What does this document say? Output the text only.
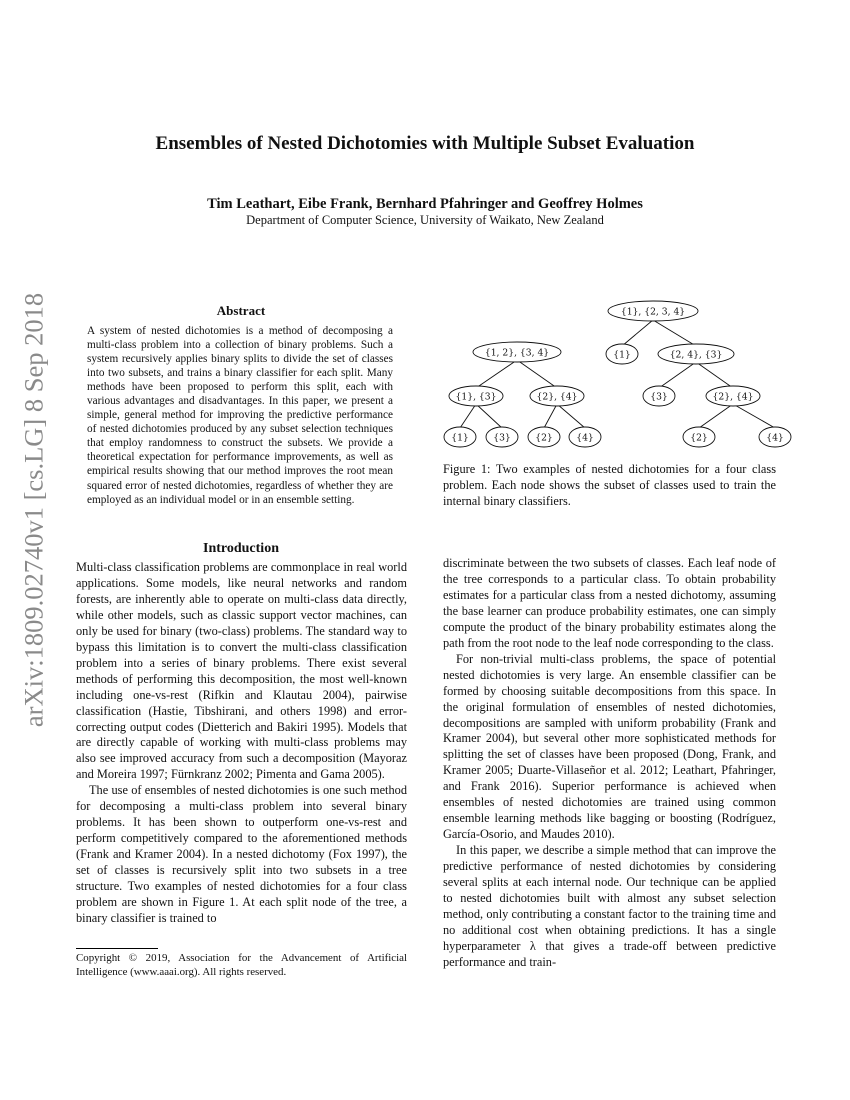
Ensembles of Nested Dichotomies with Multiple Subset Evaluation
Tim Leathart, Eibe Frank, Bernhard Pfahringer and Geoffrey Holmes
Department of Computer Science, University of Waikato, New Zealand
arXiv:1809.02740v1 [cs.LG] 8 Sep 2018	Abstract
A system of nested dichotomies is a method of decomposing a multi-class problem into a collection of binary problems. Such a system recursively applies binary splits to divide the set of classes into two subsets, and trains a binary classifier for each split. Many methods have been proposed to perform this split, each with various advantages and disadvantages. In this paper, we present a simple, general method for improving the predictive performance of nested dichotomies produced by any subset selection techniques that employ randomness to construct the subsets. We provide a theoretical expectation for performance improvements, as well as empirical results showing that our method improves the root mean squared error of nested dichotomies, regardless of whether they are employed as an individual model or in an ensemble setting.
Introduction

Multi-class classification problems are commonplace in real world applications. Some models, like neural networks and random forests, are inherently able to operate on multi-class data directly, while other models, such as classic support vector machines, can only be used for binary (two-class) problems. The standard way to bypass this limitation is to convert the multi-class classification problem into a series of binary problems. There exist several methods of performing this decomposition, the most well-known including one-vs-rest (Rifkin and Klautau 2004), pairwise classification (Hastie, Tibshirani, and others 1998) and error-correcting output codes (Dietterich and Bakiri 1995). Models that are directly capable of working with multi-class problems may also see improved accuracy from such a decomposition (Mayoraz and Moreira 1997; Fürnkranz 2002; Pimenta and Gama 2005).

The use of ensembles of nested dichotomies is one such method for decomposing a multi-class problem into several binary problems. It has been shown to outperform one-vs-rest and perform competitively compared to the aforementioned methods (Frank and Kramer 2004). In a nested dichotomy (Fox 1997), the set of classes is recursively split into two subsets in a tree structure. Two examples of nested dichotomies for a four class problem are shown in Figure 1. At each split node of the tree, a binary classifier is trained to

Copyright © 2019, Association for the Advancement of Artificial Intelligence (www.aaai.org). All rights reserved.
{1, 2}, {3, 4}
{1}, {3}	{2}, {4}
{1}	{3}	{2}	{4}
{1}, {2, 3, 4}
{1}	{2, 4}, {3}
{3}	{2}, {4}
{2}	{4}
Figure 1: Two examples of nested dichotomies for a four class problem. Each node shows the subset of classes used to train the internal binary classifiers.

discriminate between the two subsets of classes. Each leaf node of the tree corresponds to a particular class. To obtain probability estimates for a particular class from a nested dichotomy, assuming the base learner can produce probability estimates, one can simply compute the product of the binary probability estimates along the path from the root node to the leaf node corresponding to the class.

For non-trivial multi-class problems, the space of potential nested dichotomies is very large. An ensemble classifier can be formed by choosing suitable decompositions from this space. In the original formulation of ensembles of nested dichotomies, decompositions are sampled with uniform probability (Frank and Kramer 2004), but several other more sophisticated methods for splitting the set of classes have been proposed (Dong, Frank, and Kramer 2005; Duarte-Villaseñor et al. 2012; Leathart, Pfahringer, and Frank 2016). Superior performance is achieved when ensembles of nested dichotomies are trained using common ensemble learning methods like bagging or boosting (Rodríguez, García-Osorio, and Maudes 2010).

In this paper, we describe a simple method that can improve the predictive performance of nested dichotomies by considering several splits at each internal node. Our technique can be applied to nested dichotomies built with almost any subset selection method, only contributing a constant factor to the training time and no additional cost when obtaining predictions. It has a single hyperparameter λ that gives a trade-off between predictive performance and train-
